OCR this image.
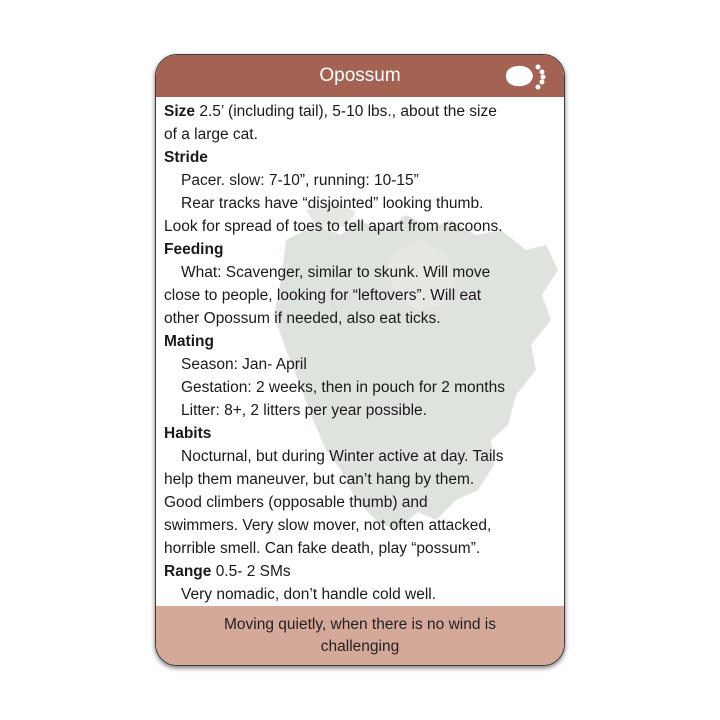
Opossum
Size 2.5’ (including tail), 5-10 lbs., about the size
of a large cat.
Stride
Pacer. slow: 7-10”, running: 10-15”
Rear tracks have “disjointed” looking thumb.
Look for spread of toes to tell apart from racoons.
Feeding
What: Scavenger, similar to skunk. Will move
close to people, looking for “leftovers”. Will eat
other Opossum if needed, also eat ticks.
Mating
Season: Jan- April
Gestation: 2 weeks, then in pouch for 2 months
Litter: 8+, 2 litters per year possible.
Habits
Nocturnal, but during Winter active at day. Tails
help them maneuver, but can’t hang by them.
Good climbers (opposable thumb) and
swimmers. Very slow mover, not often attacked,
horrible smell. Can fake death, play “possum”.
Range 0.5- 2 SMs
Very nomadic, don’t handle cold well.
Moving quietly, when there is no wind is
challenging
